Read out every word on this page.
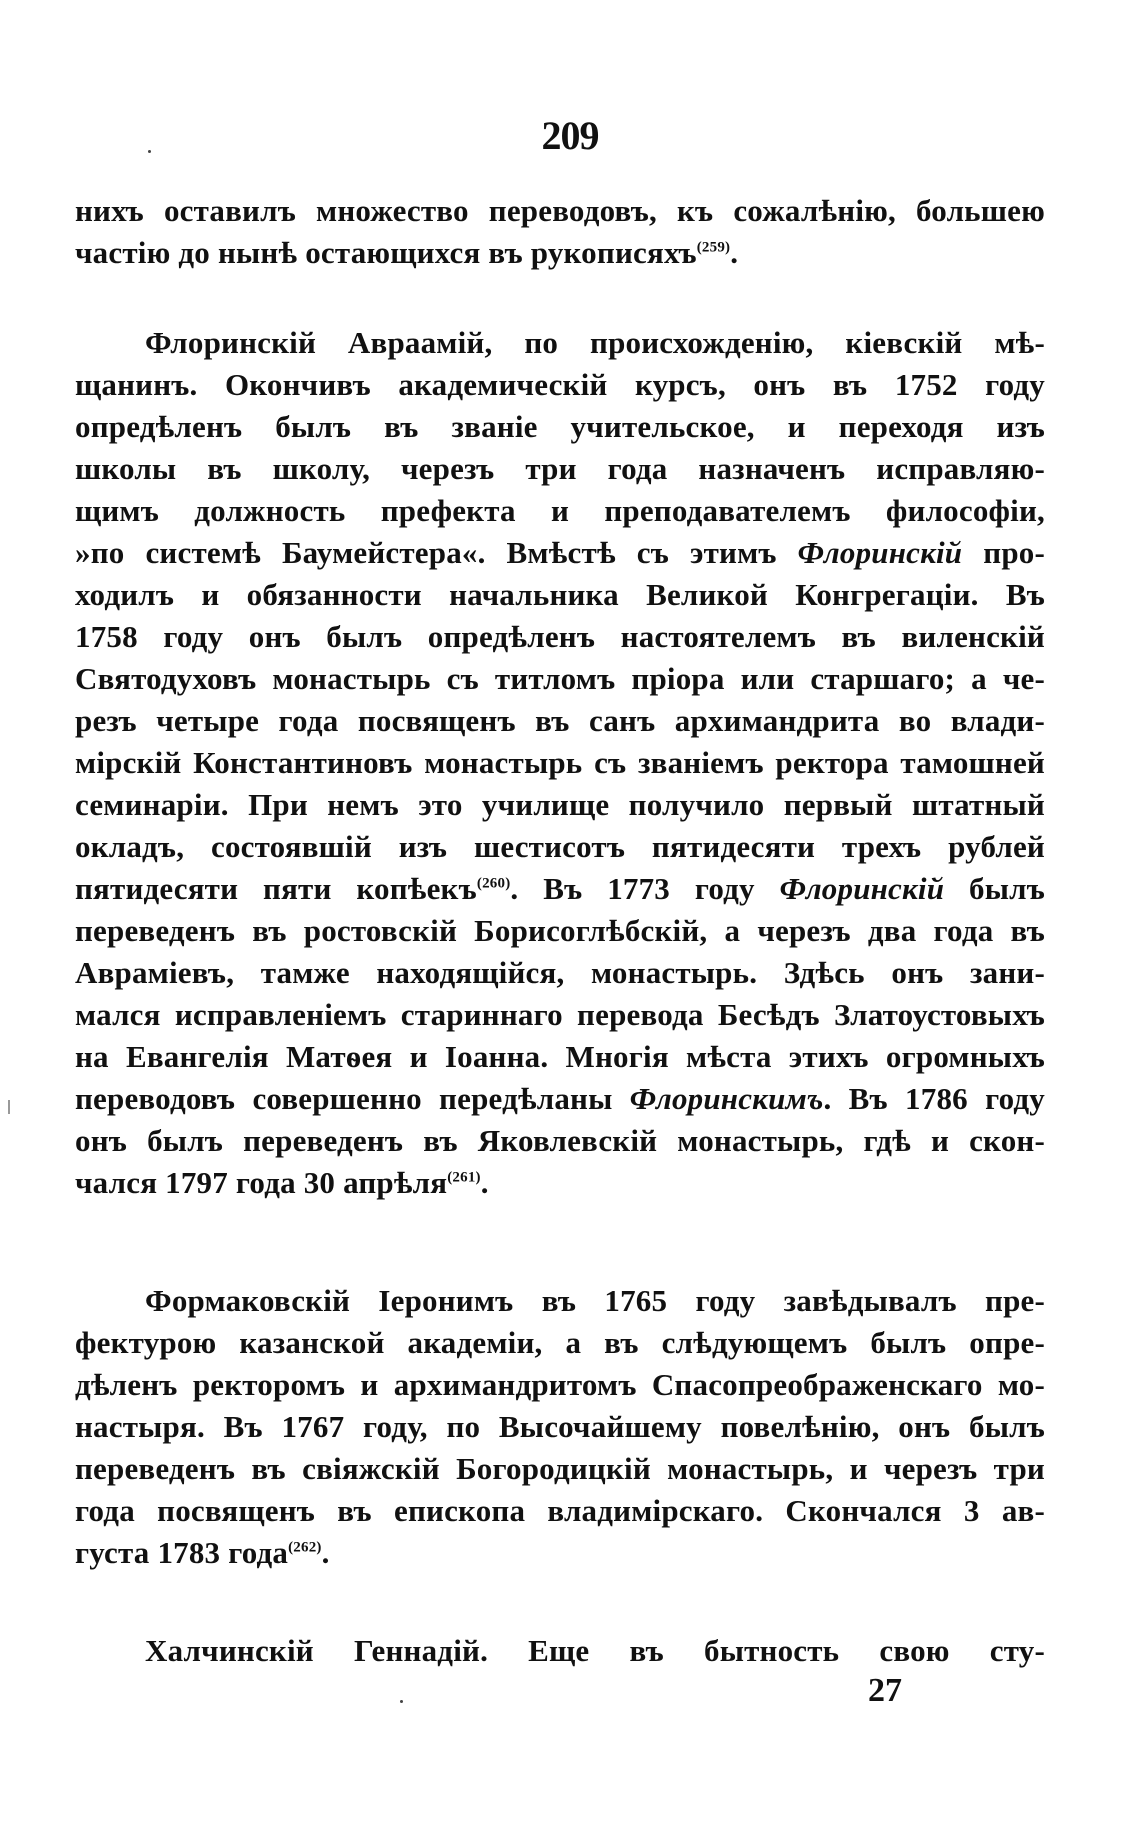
209
нихъ оставилъ множество переводовъ, къ сожалѣнію, большею
частію до нынѣ остающихся въ рукописяхъ$^{(259)}$.
Флоринскій Авраамій, по происхожденію, кіевскій мѣ-
щанинъ. Окончивъ академическій курсъ, онъ въ 1752 году
опредѣленъ былъ въ званіе учительское, и переходя изъ
школы въ школу, черезъ три года назначенъ исправляю-
щимъ должность префекта и преподавателемъ философіи,
»по системѣ Баумейстера«. Вмѣстѣ съ этимъ Флоринскій про-
ходилъ и обязанности начальника Великой Конгрегаціи. Въ
1758 году онъ былъ опредѣленъ настоятелемъ въ виленскій
Святодуховъ монастырь съ титломъ пріора или старшаго; а че-
резъ четыре года посвященъ въ санъ архимандрита во влади-
мірскій Константиновъ монастырь съ званіемъ ректора тамошней
семинаріи. При немъ это училище получило первый штатный
окладъ, состоявшій изъ шестисотъ пятидесяти трехъ рублей
пятидесяти пяти копѣекъ$^{(260)}$. Въ 1773 году Флоринскій былъ
переведенъ въ ростовскій Борисоглѣбскій, а черезъ два года въ
Авраміевъ, тамже находящійся, монастырь. Здѣсь онъ зани-
мался исправленіемъ стариннаго перевода Бесѣдъ Златоустовыхъ
на Евангелія Матѳея и Іоанна. Многія мѣста этихъ огромныхъ
переводовъ совершенно передѣланы Флоринскимъ. Въ 1786 году
онъ былъ переведенъ въ Яковлевскій монастырь, гдѣ и скон-
чался 1797 года 30 апрѣля$^{(261)}$.
Формаковскій Іеронимъ въ 1765 году завѣдывалъ пре-
фектурою казанской академіи, а въ слѣдующемъ былъ опре-
дѣленъ ректоромъ и архимандритомъ Спасопреображенскаго мо-
настыря. Въ 1767 году, по Высочайшему повелѣнію, онъ былъ
переведенъ въ свіяжскій Богородицкій монастырь, и черезъ три
года посвященъ въ епископа владимірскаго. Скончался 3 ав-
густа 1783 года$^{(262)}$.
Халчинскій Геннадій. Еще въ бытность свою сту-
27
